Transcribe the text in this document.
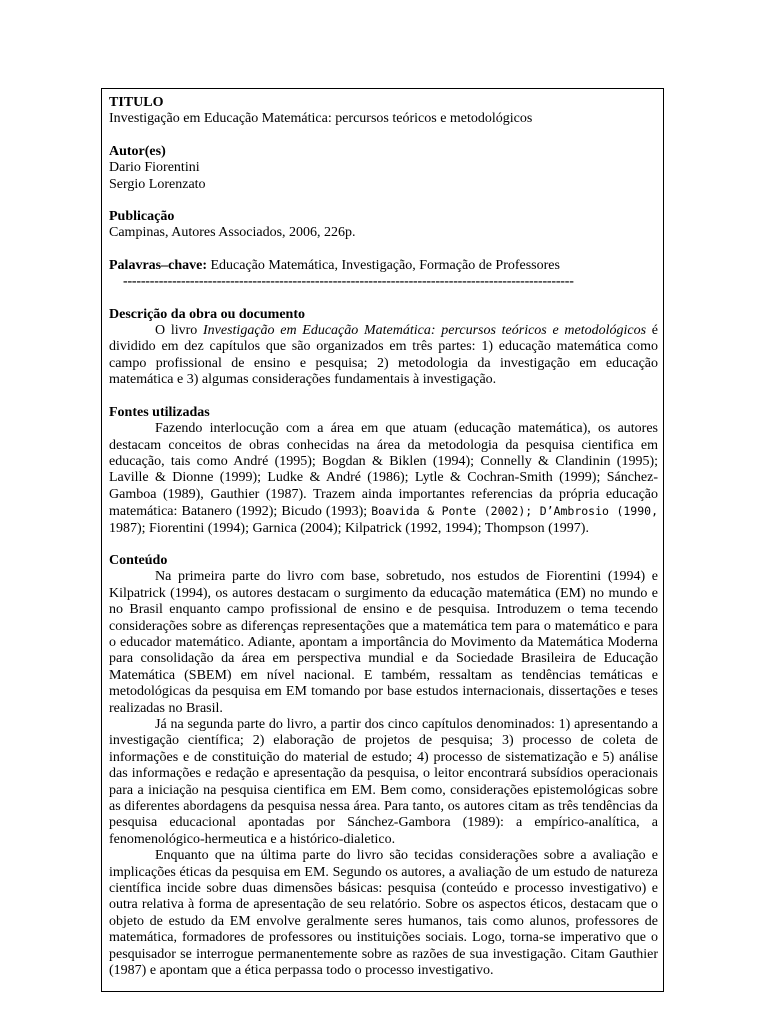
TITULO
Investigação em Educação Matemática: percursos teóricos e metodológicos
Autor(es)
Dario Fiorentini
Sergio Lorenzato
Publicação
Campinas, Autores Associados, 2006, 226p.
Palavras–chave: Educação Matemática, Investigação, Formação de Professores
-----------------------------------------------------------------------------------------------------
Descrição da obra ou documento
O livro Investigação em Educação Matemática: percursos teóricos e metodológicos é dividido em dez capítulos que são organizados em três partes: 1) educação matemática como campo profissional de ensino e pesquisa; 2) metodologia da investigação em educação matemática e 3) algumas considerações fundamentais à investigação.
Fontes utilizadas
Fazendo interlocução com a área em que atuam (educação matemática), os autores destacam conceitos de obras conhecidas na área da metodologia da pesquisa cientifica em educação, tais como André (1995); Bogdan & Biklen (1994); Connelly & Clandinin (1995); Laville & Dionne (1999); Ludke & André (1986); Lytle & Cochran-Smith (1999); Sánchez-Gamboa (1989), Gauthier (1987). Trazem ainda importantes referencias da própria educação matemática: Batanero (1992); Bicudo (1993); Boavida & Ponte (2002); D’Ambrosio (1990, 1987); Fiorentini (1994); Garnica (2004); Kilpatrick (1992, 1994); Thompson (1997).
Conteúdo
Na primeira parte do livro com base, sobretudo, nos estudos de Fiorentini (1994) e Kilpatrick (1994), os autores destacam o surgimento da educação matemática (EM) no mundo e no Brasil enquanto campo profissional de ensino e de pesquisa. Introduzem o tema tecendo considerações sobre as diferenças representações que a matemática tem para o matemático e para o educador matemático. Adiante, apontam a importância do Movimento da Matemática Moderna para consolidação da área em perspectiva mundial e da Sociedade Brasileira de Educação Matemática (SBEM) em nível nacional. E também, ressaltam as tendências temáticas e metodológicas da pesquisa em EM tomando por base estudos internacionais, dissertações e teses realizadas no Brasil.
Já na segunda parte do livro, a partir dos cinco capítulos denominados: 1) apresentando a investigação científica; 2) elaboração de projetos de pesquisa; 3) processo de coleta de informações e de constituição do material de estudo; 4) processo de sistematização e 5) análise das informações e redação e apresentação da pesquisa, o leitor encontrará subsídios operacionais para a iniciação na pesquisa cientifica em EM. Bem como, considerações epistemológicas sobre as diferentes abordagens da pesquisa nessa área. Para tanto, os autores citam as três tendências da pesquisa educacional apontadas por Sánchez-Gambora (1989): a empírico-analítica, a fenomenológico-hermeutica e a histórico-dialetico.
Enquanto que na última parte do livro são tecidas considerações sobre a avaliação e implicações éticas da pesquisa em EM. Segundo os autores, a avaliação de um estudo de natureza científica incide sobre duas dimensões básicas: pesquisa (conteúdo e processo investigativo) e outra relativa à forma de apresentação de seu relatório. Sobre os aspectos éticos, destacam que o objeto de estudo da EM envolve geralmente seres humanos, tais como alunos, professores de matemática, formadores de professores ou instituições sociais. Logo, torna-se imperativo que o pesquisador se interrogue permanentemente sobre as razões de sua investigação. Citam Gauthier (1987) e apontam que a ética perpassa todo o processo investigativo.
